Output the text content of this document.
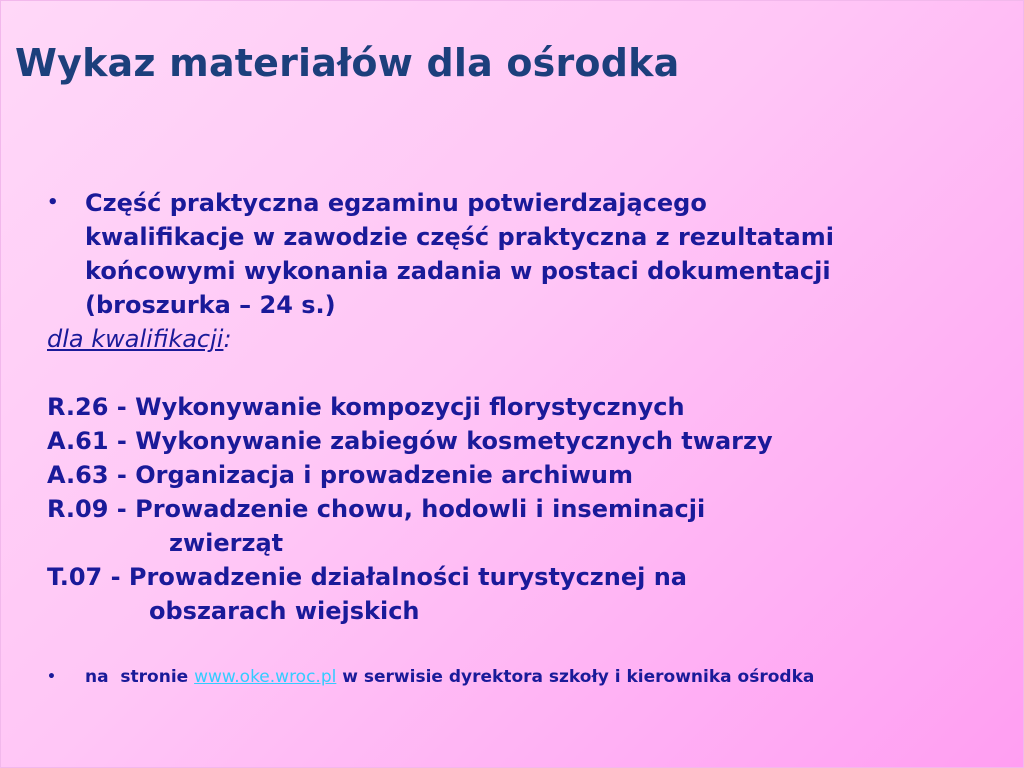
Wykaz materiałów dla ośrodka
• Część praktyczna egzaminu potwierdzającego
kwalifikacje w zawodzie część praktyczna z rezultatami
końcowymi wykonania zadania w postaci dokumentacji
(broszurka – 24 s.)
dla kwalifikacji:
R.26 - Wykonywanie kompozycji florystycznych
A.61 - Wykonywanie zabiegów kosmetycznych twarzy
A.63 - Organizacja i prowadzenie archiwum
R.09 - Prowadzenie chowu, hodowli i inseminacji
zwierząt
T.07 - Prowadzenie działalności turystycznej na
obszarach wiejskich
• na  stronie www.oke.wroc.pl w serwisie dyrektora szkoły i kierownika ośrodka
